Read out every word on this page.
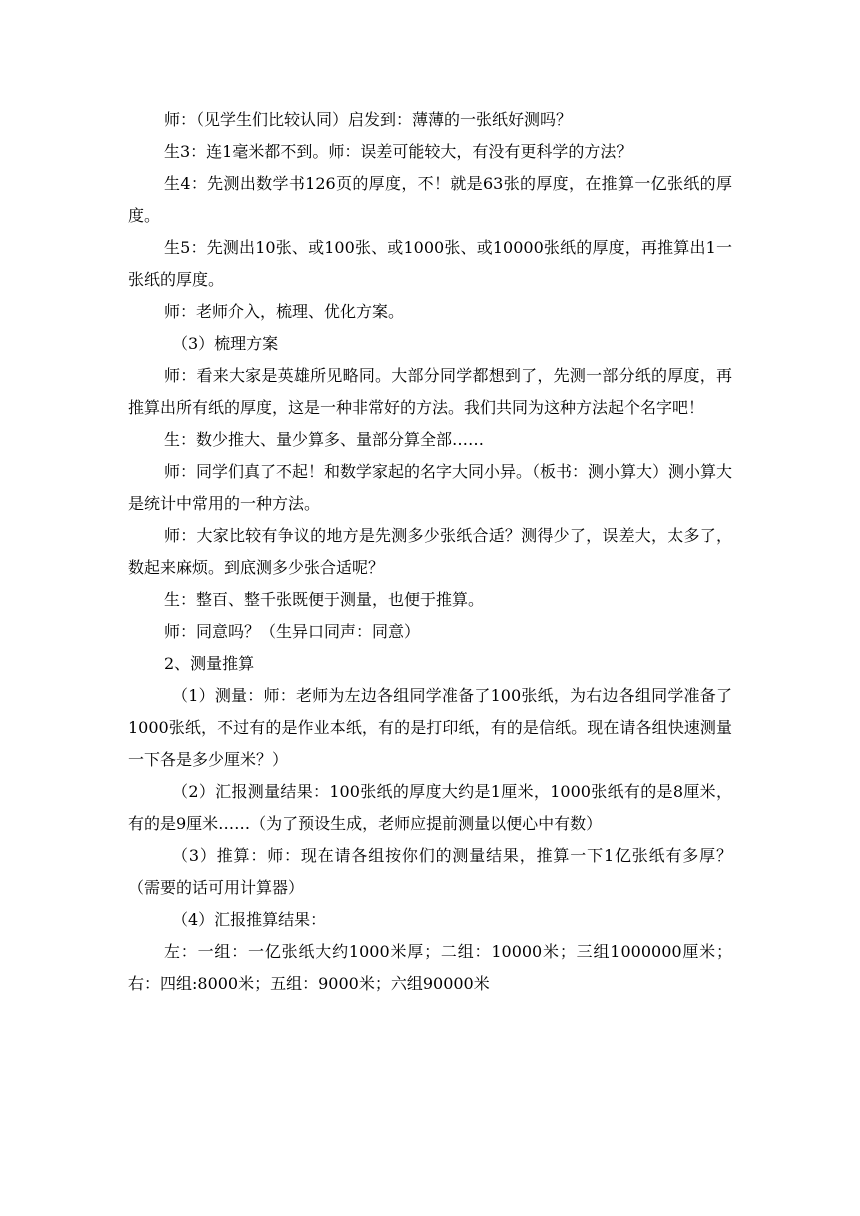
师：（见学生们比较认同）启发到：薄薄的一张纸好测吗？

生3：连1毫米都不到。师：误差可能较大，有没有更科学的方法？

生4：先测出数学书126页的厚度，不！就是63张的厚度，在推算一亿张纸的厚度。

生5：先测出10张、或100张、或1000张、或10000张纸的厚度，再推算出1一张纸的厚度。

师：老师介入，梳理、优化方案。

（3）梳理方案

师：看来大家是英雄所见略同。大部分同学都想到了，先测一部分纸的厚度，再推算出所有纸的厚度，这是一种非常好的方法。我们共同为这种方法起个名字吧！

生：数少推大、量少算多、量部分算全部……

师：同学们真了不起！和数学家起的名字大同小异。（板书：测小算大）测小算大是统计中常用的一种方法。

师：大家比较有争议的地方是先测多少张纸合适？测得少了，误差大，太多了，数起来麻烦。到底测多少张合适呢？

生：整百、整千张既便于测量，也便于推算。

师：同意吗？（生异口同声：同意）

2、测量推算

（1）测量：师：老师为左边各组同学准备了100张纸，为右边各组同学准备了1000张纸，不过有的是作业本纸，有的是打印纸，有的是信纸。现在请各组快速测量一下各是多少厘米？）

（2）汇报测量结果：100张纸的厚度大约是1厘米，1000张纸有的是8厘米，有的是9厘米……（为了预设生成，老师应提前测量以便心中有数）

（3）推算：师：现在请各组按你们的测量结果，推算一下1亿张纸有多厚？（需要的话可用计算器）

（4）汇报推算结果：

左：一组：一亿张纸大约1000米厚；二组：10000米；三组1000000厘米；右：四组:8000米；五组：9000米；六组90000米
